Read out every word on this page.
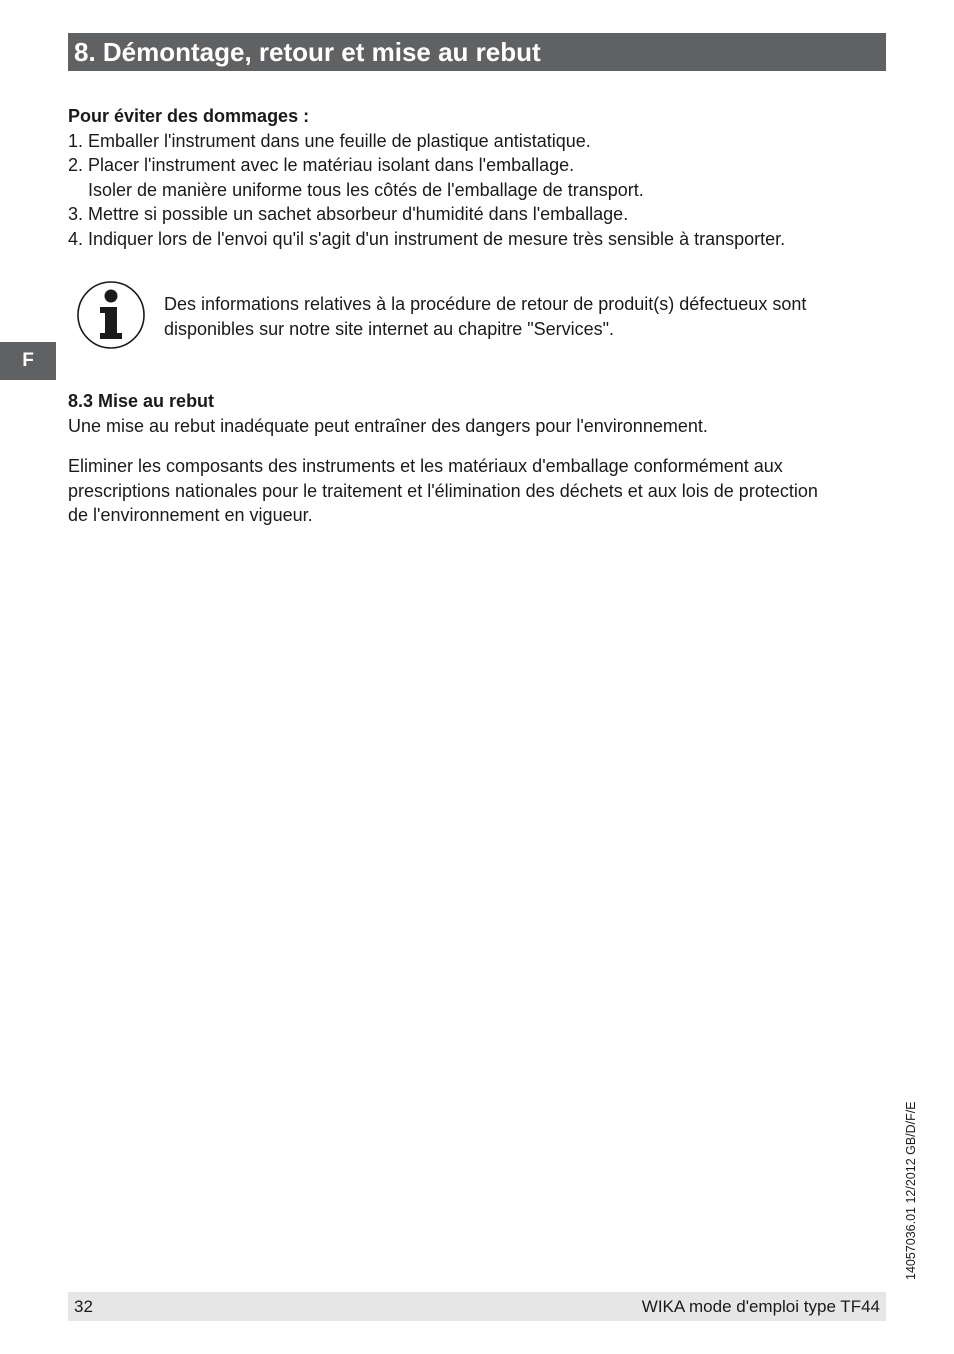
8. Démontage, retour et mise au rebut
F

Pour éviter des dommages :

1. Emballer l'instrument dans une feuille de plastique antistatique.
2. Placer l'instrument avec le matériau isolant dans l'emballage.
Isoler de manière uniforme tous les côtés de l'emballage de transport.
3. Mettre si possible un sachet absorbeur d'humidité dans l'emballage.
4. Indiquer lors de l'envoi qu'il s'agit d'un instrument de mesure très sensible à transporter.

Des informations relatives à la procédure de retour de produit(s) défectueux sont

disponibles sur notre site internet au chapitre "Services".

8.3 Mise au rebut

Une mise au rebut inadéquate peut entraîner des dangers pour l'environnement.

Eliminer les composants des instruments et les matériaux d'emballage conformément aux

prescriptions nationales pour le traitement et l'élimination des déchets et aux lois de protection

de l'environnement en vigueur.

14057036.01 12/2012 GB/D/F/E
32	WIKA mode d'emploi type TF44
